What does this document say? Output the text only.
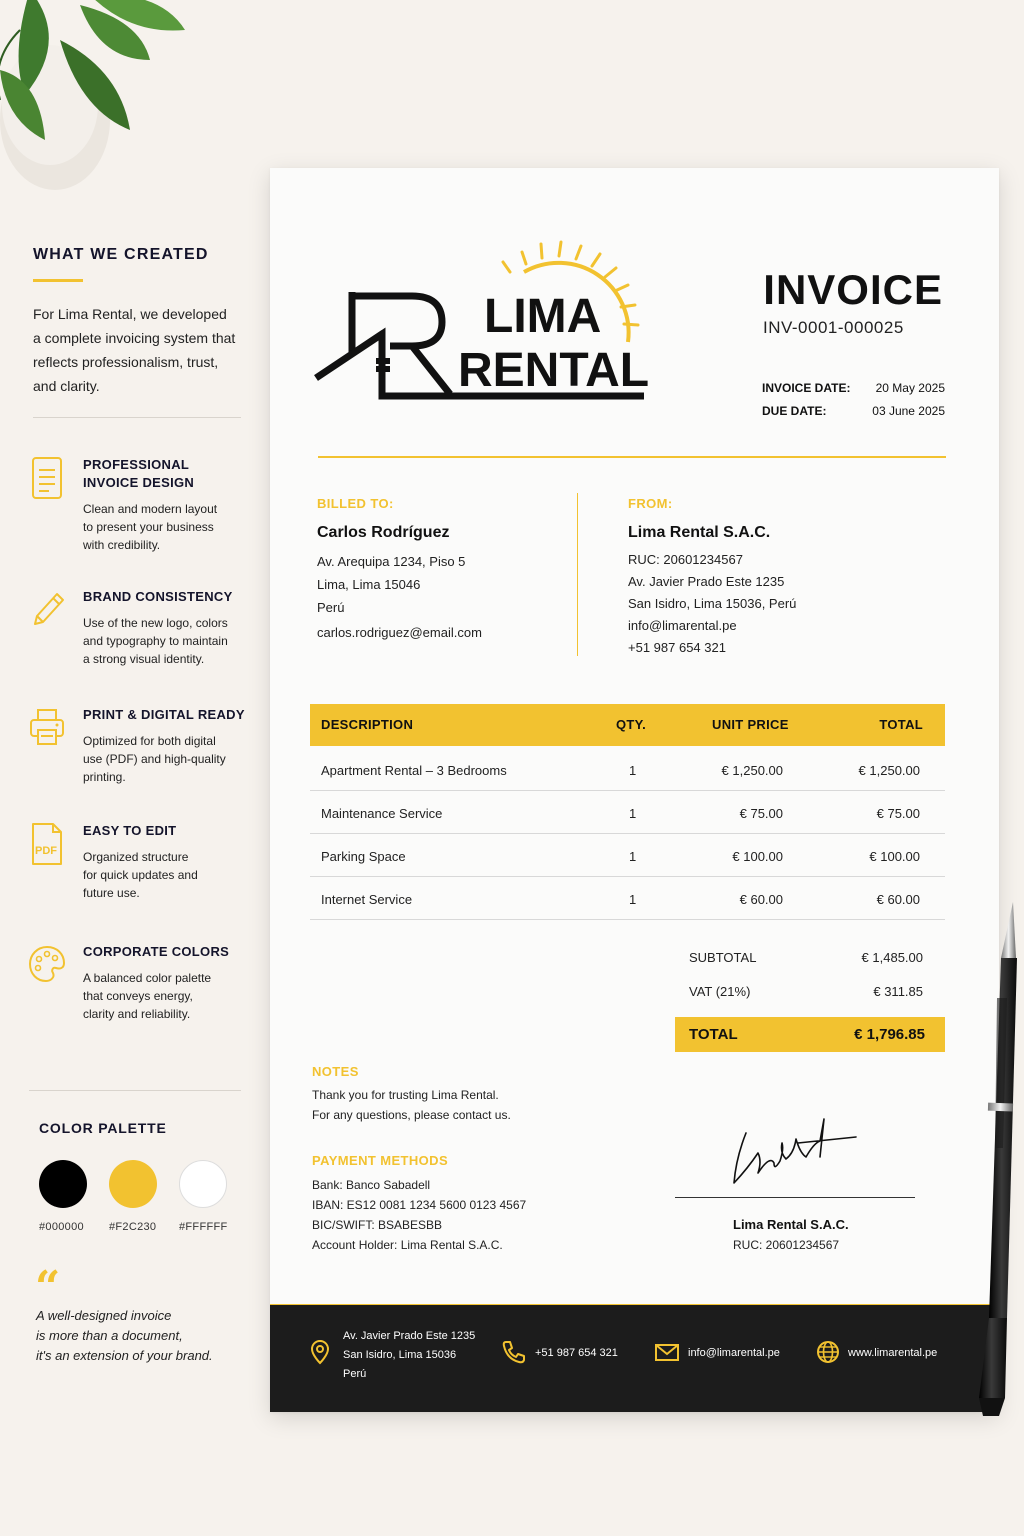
WHAT WE CREATED
For Lima Rental, we developed a complete invoicing system that reflects professionalism, trust, and clarity.
PROFESSIONAL
INVOICE DESIGN
Clean and modern layout
to present your business
with credibility.
BRAND CONSISTENCY
Use of the new logo, colors
and typography to maintain
a strong visual identity.
PRINT & DIGITAL READY
Optimized for both digital
use (PDF) and high-quality
printing.
PDF
EASY TO EDIT
Organized structure
for quick updates and
future use.
CORPORATE COLORS
A balanced color palette
that conveys energy,
clarity and reliability.
COLOR PALETTE
#000000 #F2C230 #FFFFFF
“
A well-designed invoice
is more than a document,
it's an extension of your brand.
LIMA
RENTAL
INVOICE
INV-0001-000025
INVOICE DATE: 20 May 2025
DUE DATE:	03 June 2025
BILLED TO:
Carlos Rodríguez
Av. Arequipa 1234, Piso 5
Lima, Lima 15046
Perú
carlos.rodriguez@email.com
FROM:
Lima Rental S.A.C.
RUC: 20601234567
Av. Javier Prado Este 1235
San Isidro, Lima 15036, Perú
info@limarental.pe
+51 987 654 321
DESCRIPTION	QTY.	UNIT PRICE	TOTAL
Apartment Rental – 3 Bedrooms	1	€ 1,250.00	€ 1,250.00
Maintenance Service	1	€ 75.00	€ 75.00
Parking Space	1	€ 100.00	€ 100.00
Internet Service	1	€ 60.00	€ 60.00
SUBTOTAL	€ 1,485.00
VAT (21%)	€ 311.85
TOTAL	€ 1,796.85
NOTES
Thank you for trusting Lima Rental.
For any questions, please contact us.
PAYMENT METHODS
Bank: Banco Sabadell
IBAN: ES12 0081 1234 5600 0123 4567
BIC/SWIFT: BSABESBB
Account Holder: Lima Rental S.A.C.
Lima Rental S.A.C.
RUC: 20601234567
Av. Javier Prado Este 1235
San Isidro, Lima 15036
Perú
+51 987 654 321	info@limarental.pe	www.limarental.pe
